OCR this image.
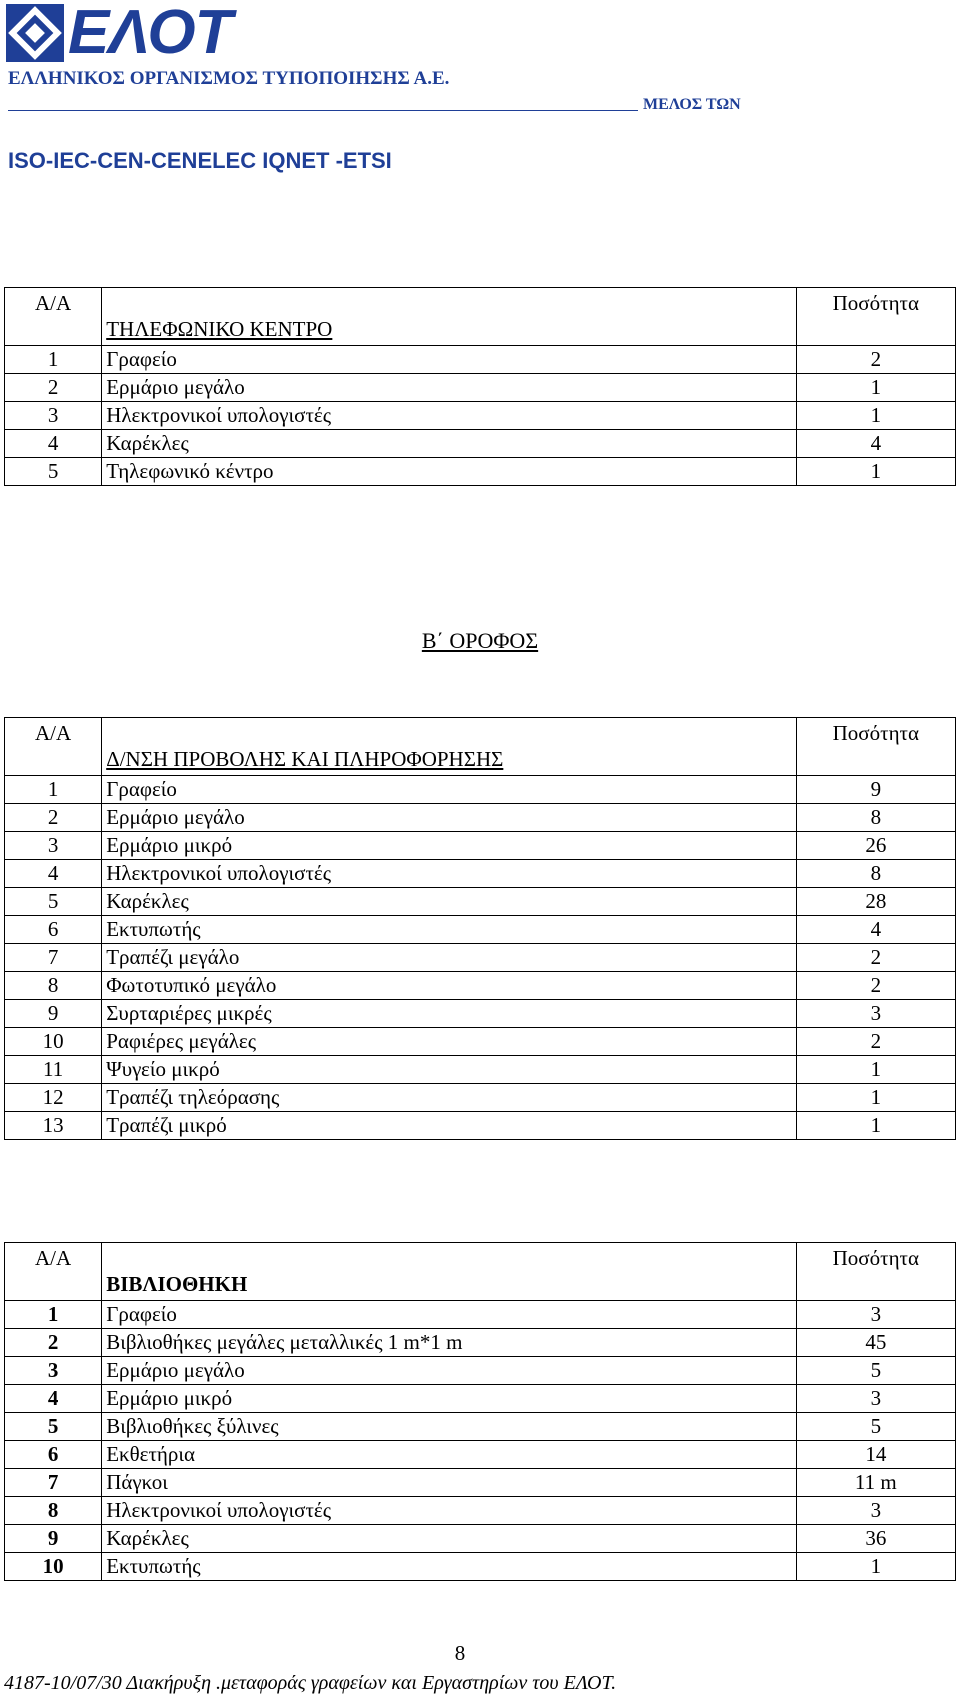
ΕΛΟΤ
ΕΛΛΗΝΙΚΟΣ ΟΡΓΑΝΙΣΜΟΣ ΤΥΠΟΠΟΙΗΣΗΣ Α.Ε.
ΜΕΛΟΣ ΤΩΝ
ISO-IEC-CEN-CENELEC IQNET -ETSI
Α/Α	ΤΗΛΕΦΩΝΙΚΟ ΚΕΝΤΡΟ	Ποσότητα
1	Γραφείο	2
2	Ερμάριο μεγάλο	1
3	Ηλεκτρονικοί υπολογιστές	1
4	Καρέκλες	4
5	Τηλεφωνικό κέντρο	1
Β΄ ΟΡΟΦΟΣ
Α/Α	Δ/ΝΣΗ ΠΡΟΒΟΛΗΣ ΚΑΙ ΠΛΗΡΟΦΟΡΗΣΗΣ	Ποσότητα
1	Γραφείο	9
2	Ερμάριο μεγάλο	8
3	Ερμάριο μικρό	26
4	Ηλεκτρονικοί υπολογιστές	8
5	Καρέκλες	28
6	Εκτυπωτής	4
7	Τραπέζι μεγάλο	2
8	Φωτοτυπικό μεγάλο	2
9	Συρταριέρες μικρές	3
10	Ραφιέρες μεγάλες	2
11	Ψυγείο μικρό	1
12	Τραπέζι τηλεόρασης	1
13	Τραπέζι μικρό	1
Α/Α	ΒΙΒΛΙΟΘΗΚΗ	Ποσότητα
1	Γραφείο	3
2	Βιβλιοθήκες μεγάλες μεταλλικές 1 m*1 m	45
3	Ερμάριο μεγάλο	5
4	Ερμάριο μικρό	3
5	Βιβλιοθήκες ξύλινες	5
6	Εκθετήρια	14
7	Πάγκοι	11 m
8	Ηλεκτρονικοί υπολογιστές	3
9	Καρέκλες	36
10	Εκτυπωτής	1
8
4187-10/07/30 Διακήρυξη .μεταφοράς γραφείων και Εργαστηρίων του ΕΛΟΤ.
